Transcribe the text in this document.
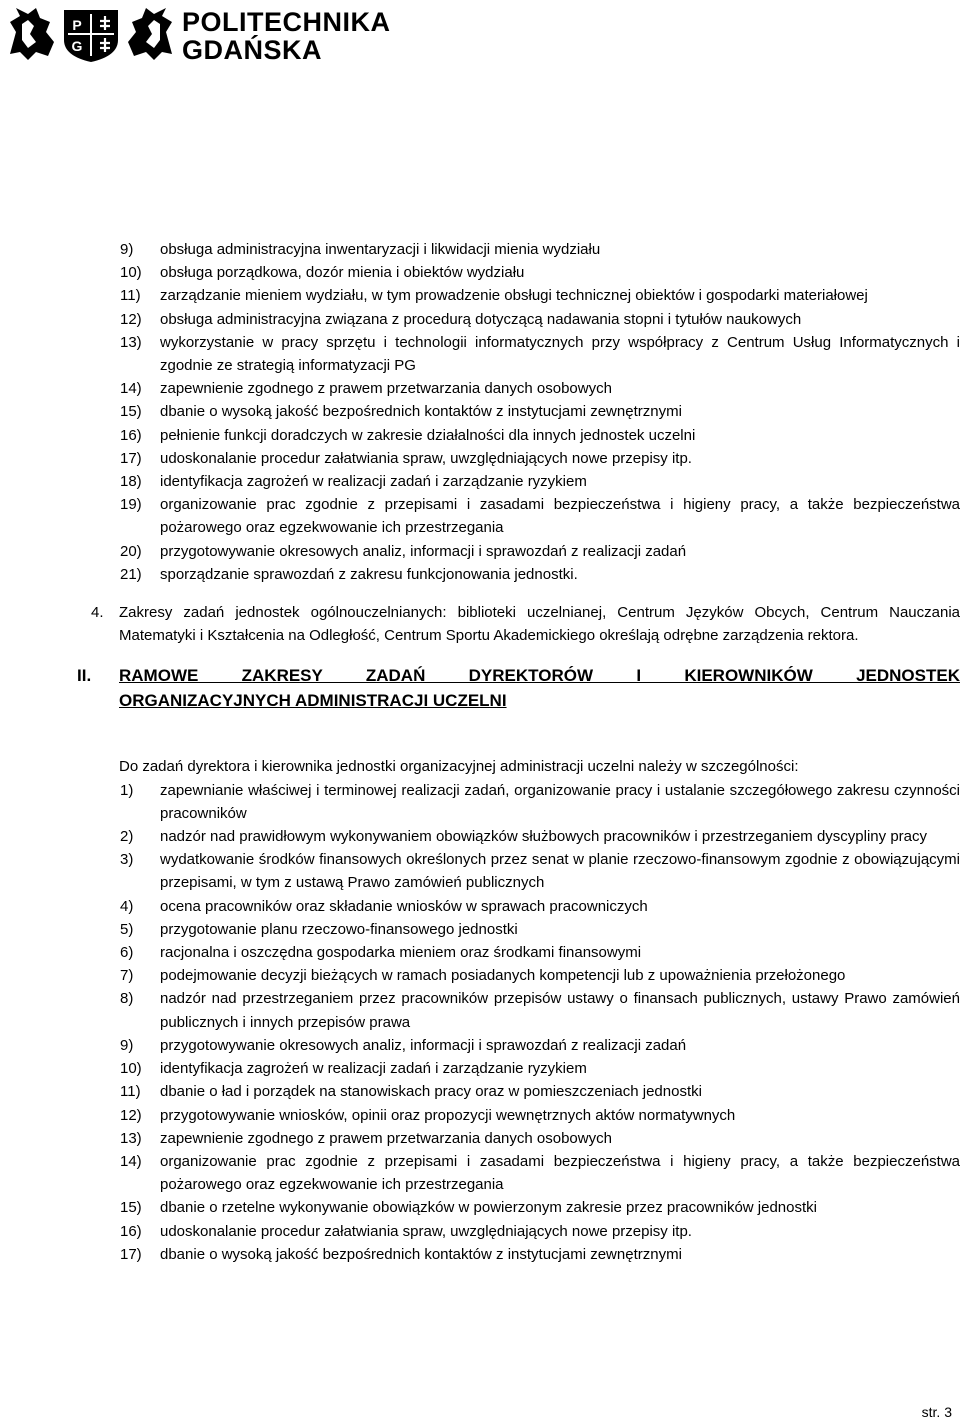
P
G
POLITECHNIKA
GDAŃSKA
9) obsługa administracyjna inwentaryzacji i likwidacji mienia wydziału
10) obsługa porządkowa, dozór mienia i obiektów wydziału
11) zarządzanie mieniem wydziału, w tym prowadzenie obsługi technicznej obiektów i gospodarki materiałowej
12) obsługa administracyjna związana z procedurą dotyczącą nadawania stopni i tytułów naukowych
13) wykorzystanie w pracy sprzętu i technologii informatycznych przy współpracy z Centrum Usług Informatycznych i zgodnie ze strategią informatyzacji PG
14) zapewnienie zgodnego z prawem przetwarzania danych osobowych
15) dbanie o wysoką jakość bezpośrednich kontaktów z instytucjami zewnętrznymi
16) pełnienie funkcji doradczych w zakresie działalności dla innych jednostek uczelni
17) udoskonalanie procedur załatwiania spraw, uwzględniających nowe przepisy itp.
18) identyfikacja zagrożeń w realizacji zadań i zarządzanie ryzykiem
19) organizowanie prac zgodnie z przepisami i zasadami bezpieczeństwa i higieny pracy, a także bezpieczeństwa pożarowego oraz egzekwowanie ich przestrzegania
20) przygotowywanie okresowych analiz, informacji i sprawozdań z realizacji zadań
21) sporządzanie sprawozdań z zakresu funkcjonowania jednostki.
4. Zakresy zadań jednostek ogólnouczelnianych: biblioteki uczelnianej, Centrum Języków Obcych, Centrum Nauczania Matematyki i Kształcenia na Odległość, Centrum Sportu Akademickiego określają odrębne zarządzenia rektora.
II. RAMOWE ZAKRESY ZADAŃ DYREKTORÓW I KIEROWNIKÓW JEDNOSTEK
ORGANIZACYJNYCH ADMINISTRACJI UCZELNI
Do zadań dyrektora i kierownika jednostki organizacyjnej administracji uczelni należy w szczególności:
1) zapewnianie właściwej i terminowej realizacji zadań, organizowanie pracy i ustalanie szczegółowego zakresu czynności pracowników
2) nadzór nad prawidłowym wykonywaniem obowiązków służbowych pracowników i przestrzeganiem dyscypliny pracy
3) wydatkowanie środków finansowych określonych przez senat w planie rzeczowo-finansowym zgodnie z obowiązującymi przepisami, w tym z ustawą Prawo zamówień publicznych
4) ocena pracowników oraz składanie wniosków w sprawach pracowniczych
5) przygotowanie planu rzeczowo-finansowego jednostki
6) racjonalna i oszczędna gospodarka mieniem oraz środkami finansowymi
7) podejmowanie decyzji bieżących w ramach posiadanych kompetencji lub z upoważnienia przełożonego
8) nadzór nad przestrzeganiem przez pracowników przepisów ustawy o finansach publicznych, ustawy Prawo zamówień publicznych i innych przepisów prawa
9) przygotowywanie okresowych analiz, informacji i sprawozdań z realizacji zadań
10) identyfikacja zagrożeń w realizacji zadań i zarządzanie ryzykiem
11) dbanie o ład i porządek na stanowiskach pracy oraz w pomieszczeniach jednostki
12) przygotowywanie wniosków, opinii oraz propozycji wewnętrznych aktów normatywnych
13) zapewnienie zgodnego z prawem przetwarzania danych osobowych
14) organizowanie prac zgodnie z przepisami i zasadami bezpieczeństwa i higieny pracy, a także bezpieczeństwa pożarowego oraz egzekwowanie ich przestrzegania
15) dbanie o rzetelne wykonywanie obowiązków w powierzonym zakresie przez pracowników jednostki
16) udoskonalanie procedur załatwiania spraw, uwzględniających nowe przepisy itp.
17) dbanie o wysoką jakość bezpośrednich kontaktów z instytucjami zewnętrznymi
str. 3
